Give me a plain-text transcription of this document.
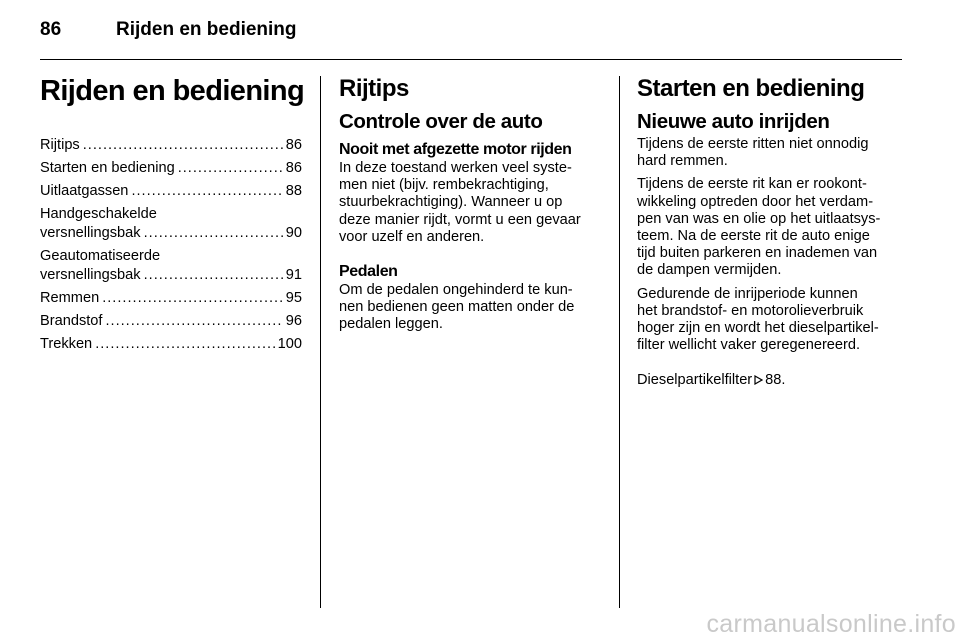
86	Rijden en bediening
Rijden en bediening
Rijtips .....	86
Starten en bediening .....	86
Uitlaatgassen .....	88
Handgeschakelde
versnellingsbak .....	90
Geautomatiseerde
versnellingsbak .....	91
Remmen .....	95
Brandstof .....	96
Trekken .....	100
Rijtips
Controle over de auto
Nooit met afgezette motor rijden

In deze toestand werken veel syste-
men niet (bijv. rembekrachtiging,
stuurbekrachtiging). Wanneer u op
deze manier rijdt, vormt u een gevaar
voor uzelf en anderen.

Pedalen

Om de pedalen ongehinderd te kun-
nen bedienen geen matten onder de
pedalen leggen.

Starten en bediening
Nieuwe auto inrijden

Tijdens de eerste ritten niet onnodig
hard remmen.

Tijdens de eerste rit kan er rookont-
wikkeling optreden door het verdam-
pen van was en olie op het uitlaatsys-
teem. Na de eerste rit de auto enige
tijd buiten parkeren en inademen van
de dampen vermijden.

Gedurende de inrijperiode kunnen
het brandstof- en motorolieverbruik
hoger zijn en wordt het dieselpartikel-
filter wellicht vaker geregenereerd.

Dieselpartikelfilter 88.

carmanualsonline.info
